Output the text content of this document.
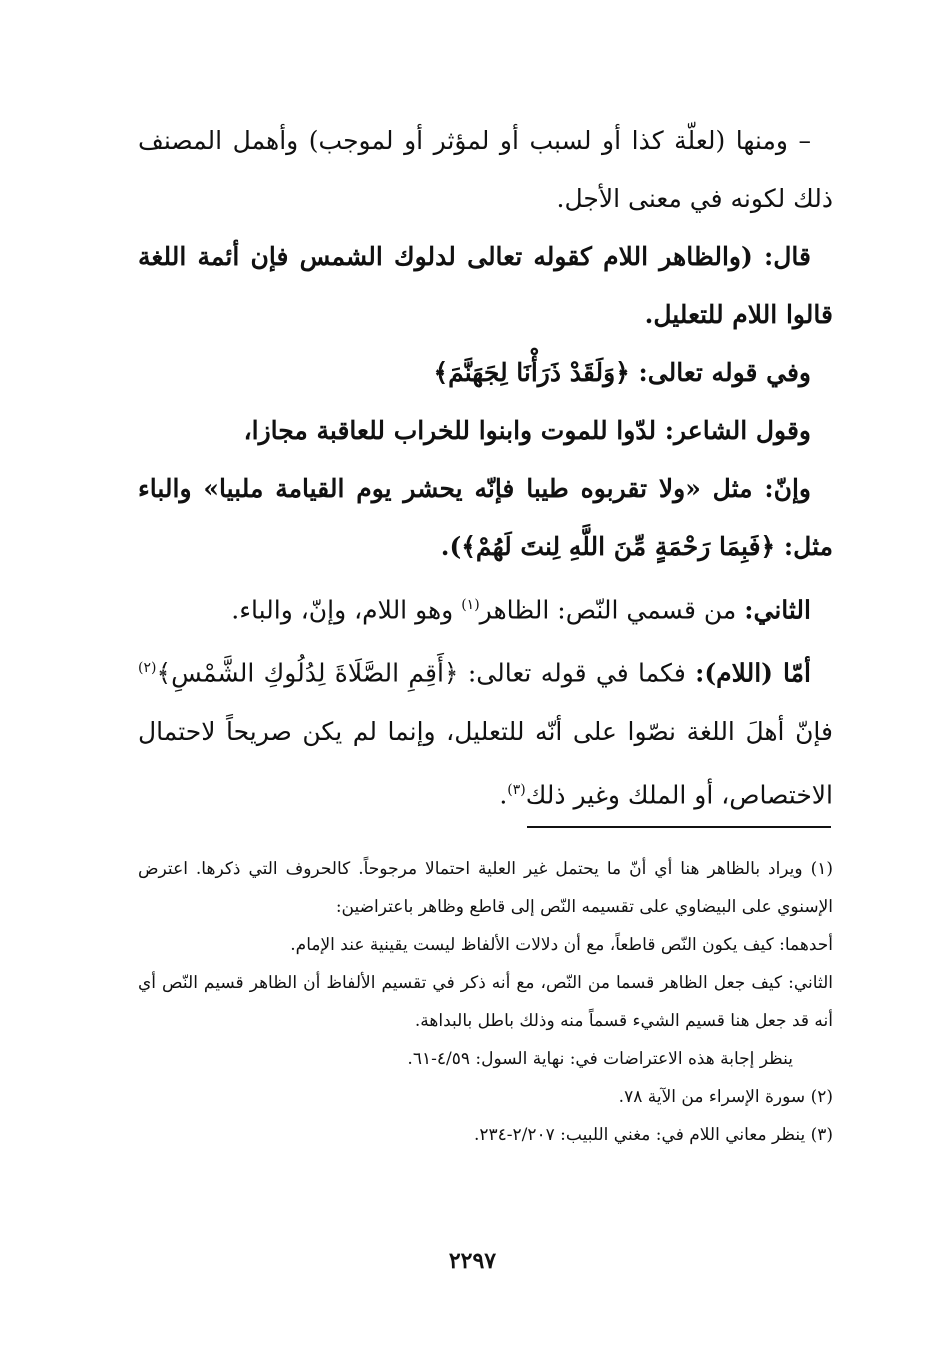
– ومنها (لعلّة كذا أو لسبب أو لمؤثر أو لموجب) وأهمل المصنف ذلك لكونه في معنى الأجل.

قال: (والظاهر اللام كقوله تعالى لدلوك الشمس فإن أئمة اللغة قالوا اللام للتعليل.

وفي قوله تعالى: ﴿وَلَقَدْ ذَرَأْنَا لِجَهَنَّمَ﴾

وقول الشاعر: لدّوا للموت وابنوا للخراب للعاقبة مجازا،

وإنّ: مثل «ولا تقربوه طيبا فإنّه يحشر يوم القيامة ملبيا» والباء مثل: ﴿فَبِمَا رَحْمَةٍ مِّنَ اللَّهِ لِنتَ لَهُمْ﴾).

الثاني: من قسمي النّص: الظاهر$^{(١)}$ وهو اللام، وإنّ، والباء.

أمّا (اللام): فكما في قوله تعالى: ﴿أَقِمِ الصَّلَاةَ لِدُلُوكِ الشَّمْسِ﴾$^{(٢)}$ فإنّ أهلَ اللغة نصّوا على أنّه للتعليل، وإنما لم يكن صريحاً لاحتمال الاختصاص، أو الملك وغير ذلك$^{(٣)}$.

(١) ويراد بالظاهر هنا أي أنّ ما يحتمل غير العلية احتمالا مرجوحاً. كالحروف التي ذكرها. اعترض الإسنوي على البيضاوي على تقسيمه النّص إلى قاطع وظاهر باعتراضين:

أحدهما: كيف يكون النّص قاطعاً، مع أن دلالات الألفاظ ليست يقينية عند الإمام.

الثاني: كيف جعل الظاهر قسما من النّص، مع أنه ذكر في تقسيم الألفاظ أن الظاهر قسيم النّص أي أنه قد جعل هنا قسيم الشيء قسماً منه وذلك باطل بالبداهة.

ينظر إجابة هذه الاعتراضات في: نهاية السول: ٤/٥٩-٦١.

(٢) سورة الإسراء من الآية ٧٨.

(٣) ينظر معاني اللام في: مغني اللبيب: ٢/٢٠٧-٢٣٤.

٢٢٩٧
